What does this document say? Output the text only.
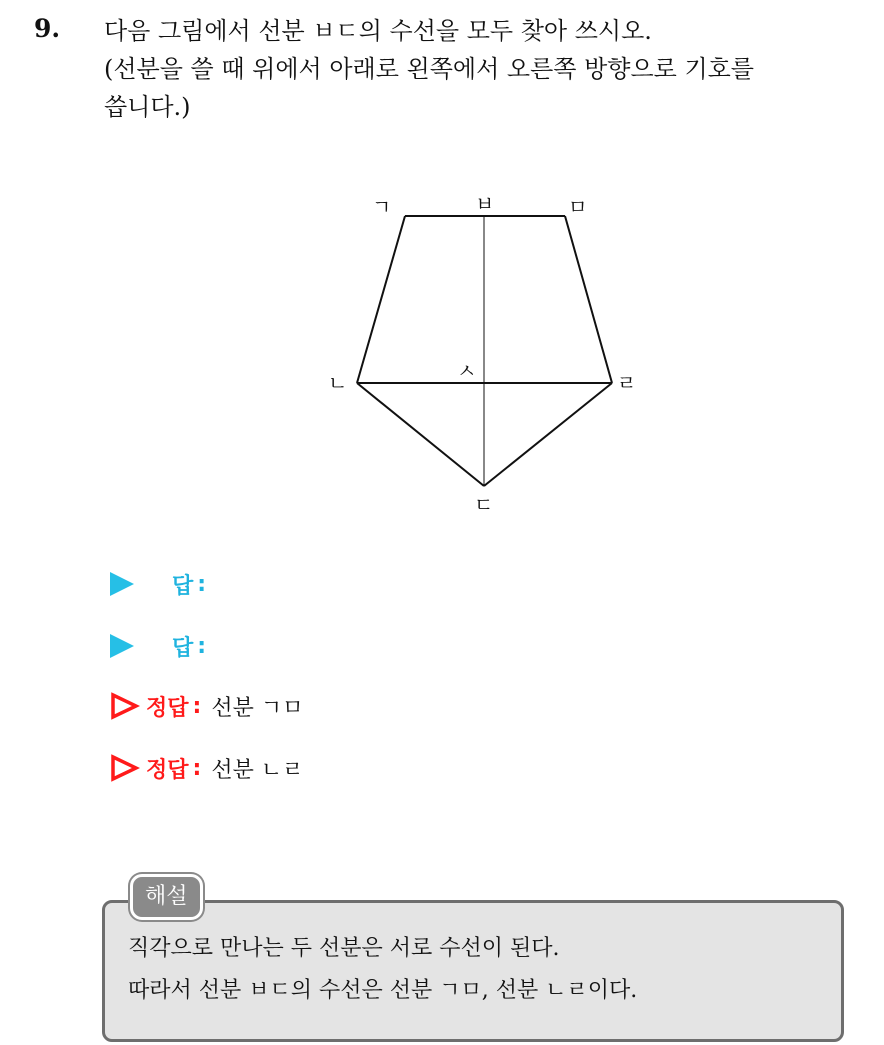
9. 다음 그림에서 선분 ㅂㄷ의 수선을 모두 찾아 쓰시오.
(선분을 쓸 때 위에서 아래로 왼쪽에서 오른쪽 방향으로 기호를
씁니다.)
ㄱ	ㅂ	ㅁ
ㄴ	ㅅ	ㄹ
ㄷ
답 :
답 :
정답 : 선분 ㄱㅁ
정답 : 선분 ㄴㄹ
해설
직각으로 만나는 두 선분은 서로 수선이 된다.
따라서 선분 ㅂㄷ의 수선은 선분 ㄱㅁ, 선분 ㄴㄹ이다.
